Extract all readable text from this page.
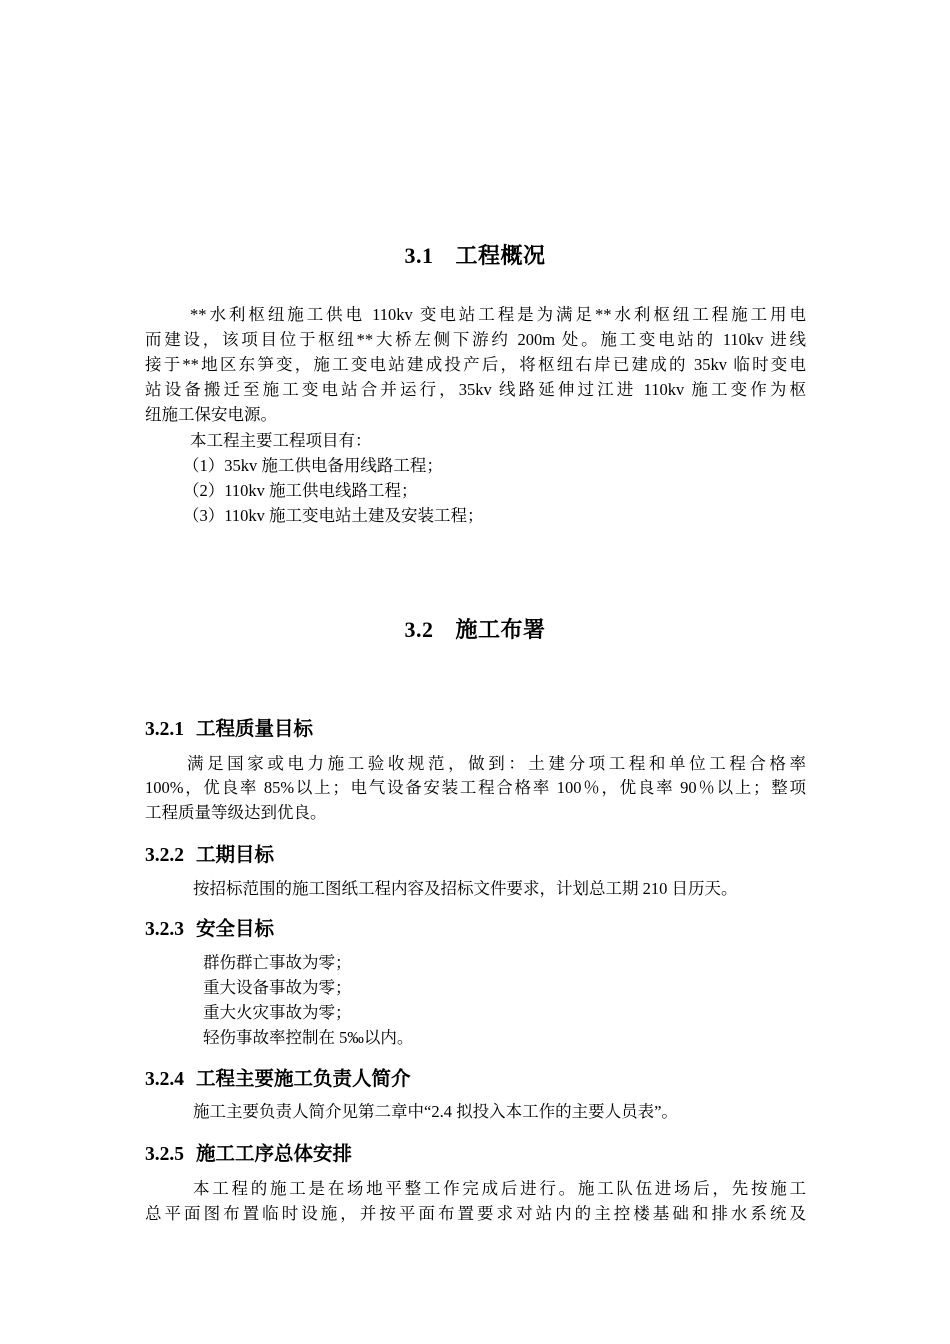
3.1 工程概况
**水利枢纽施工供电 110kv 变电站工程是为满足**水利枢纽工程施工用电
而建设，该项目位于枢纽**大桥左侧下游约 200m 处。施工变电站的 110kv 进线
接于**地区东笋变，施工变电站建成投产后，将枢纽右岸已建成的 35kv 临时变电
站设备搬迁至施工变电站合并运行，35kv 线路延伸过江进 110kv 施工变作为枢
纽施工保安电源。
本工程主要工程项目有：
（1）35kv 施工供电备用线路工程；
（2）110kv 施工供电线路工程；
（3）110kv 施工变电站土建及安装工程；
3.2 施工布署
3.2.1 工程质量目标
满足国家或电力施工验收规范，做到：土建分项工程和单位工程合格率
100%，优良率 85%以上；电气设备安装工程合格率 100％，优良率 90％以上；整项
工程质量等级达到优良。
3.2.2 工期目标
按招标范围的施工图纸工程内容及招标文件要求，计划总工期 210 日历天。
3.2.3 安全目标
群伤群亡事故为零；
重大设备事故为零；
重大火灾事故为零；
轻伤事故率控制在 5‰以内。
3.2.4 工程主要施工负责人简介
施工主要负责人简介见第二章中“2.4 拟投入本工作的主要人员表”。
3.2.5 施工工序总体安排
本工程的施工是在场地平整工作完成后进行。施工队伍进场后，先按施工
总平面图布置临时设施，并按平面布置要求对站内的主控楼基础和排水系统及
